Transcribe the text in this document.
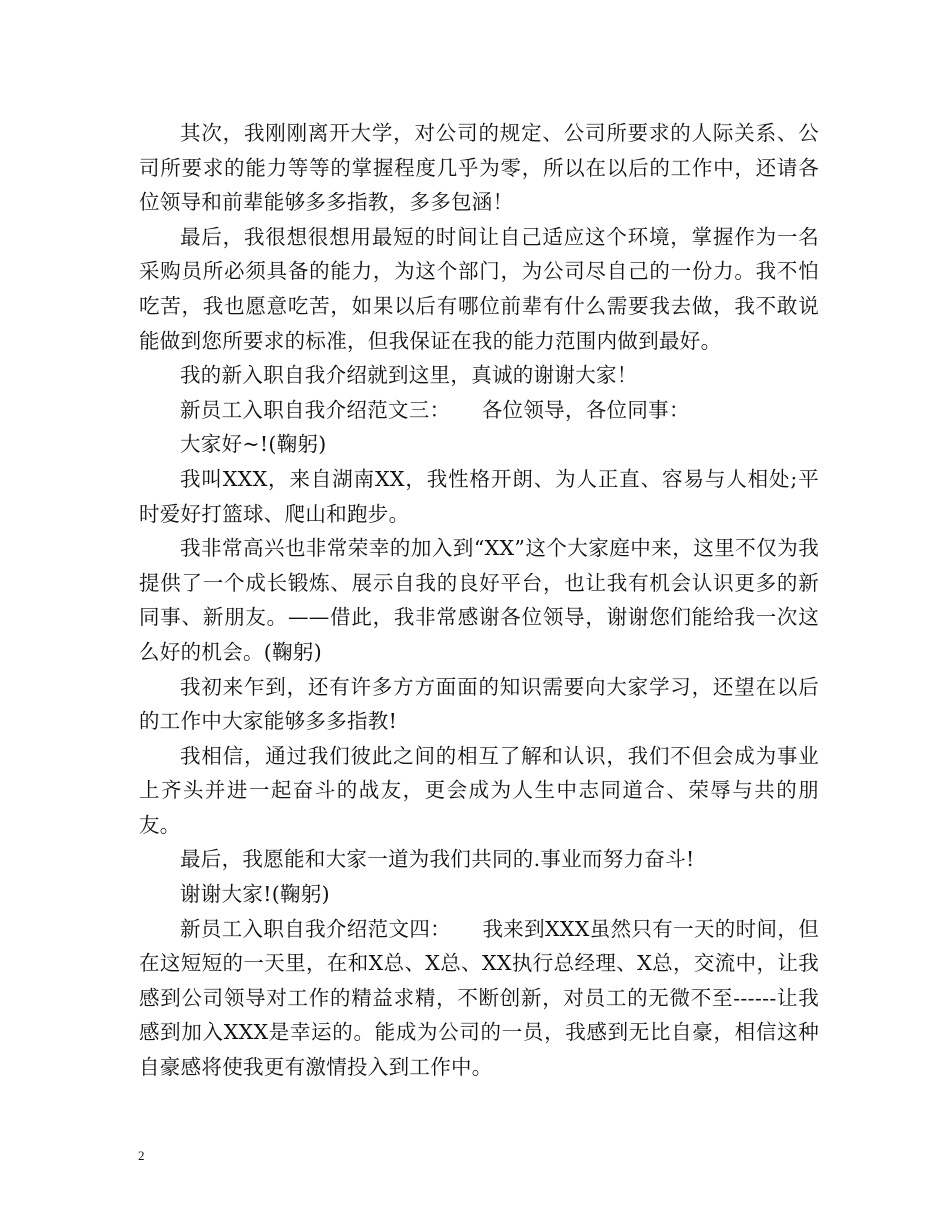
其次，我刚刚离开大学，对公司的规定、公司所要求的人际关系、公司所要求的能力等等的掌握程度几乎为零，所以在以后的工作中，还请各位领导和前辈能够多多指教，多多包涵！

最后，我很想很想用最短的时间让自己适应这个环境，掌握作为一名采购员所必须具备的能力，为这个部门，为公司尽自己的一份力。我不怕吃苦，我也愿意吃苦，如果以后有哪位前辈有什么需要我去做，我不敢说能做到您所要求的标准，但我保证在我的能力范围内做到最好。

我的新入职自我介绍就到这里，真诚的谢谢大家！

新员工入职自我介绍范文三：　　各位领导，各位同事：

大家好~!(鞠躬)

我叫XXX，来自湖南XX，我性格开朗、为人正直、容易与人相处;平时爱好打篮球、爬山和跑步。

我非常高兴也非常荣幸的加入到“XX”这个大家庭中来，这里不仅为我提供了一个成长锻炼、展示自我的良好平台，也让我有机会认识更多的新同事、新朋友。——借此，我非常感谢各位领导，谢谢您们能给我一次这么好的机会。(鞠躬)

我初来乍到，还有许多方方面面的知识需要向大家学习，还望在以后的工作中大家能够多多指教!

我相信，通过我们彼此之间的相互了解和认识，我们不但会成为事业上齐头并进一起奋斗的战友，更会成为人生中志同道合、荣辱与共的朋友。

最后，我愿能和大家一道为我们共同的.事业而努力奋斗!

谢谢大家!(鞠躬)

新员工入职自我介绍范文四：　　我来到XXX虽然只有一天的时间，但在这短短的一天里，在和X总、X总、XX执行总经理、X总，交流中，让我感到公司领导对工作的精益求精，不断创新，对员工的无微不至------让我感到加入XXX是幸运的。能成为公司的一员，我感到无比自豪，相信这种自豪感将使我更有激情投入到工作中。

2
